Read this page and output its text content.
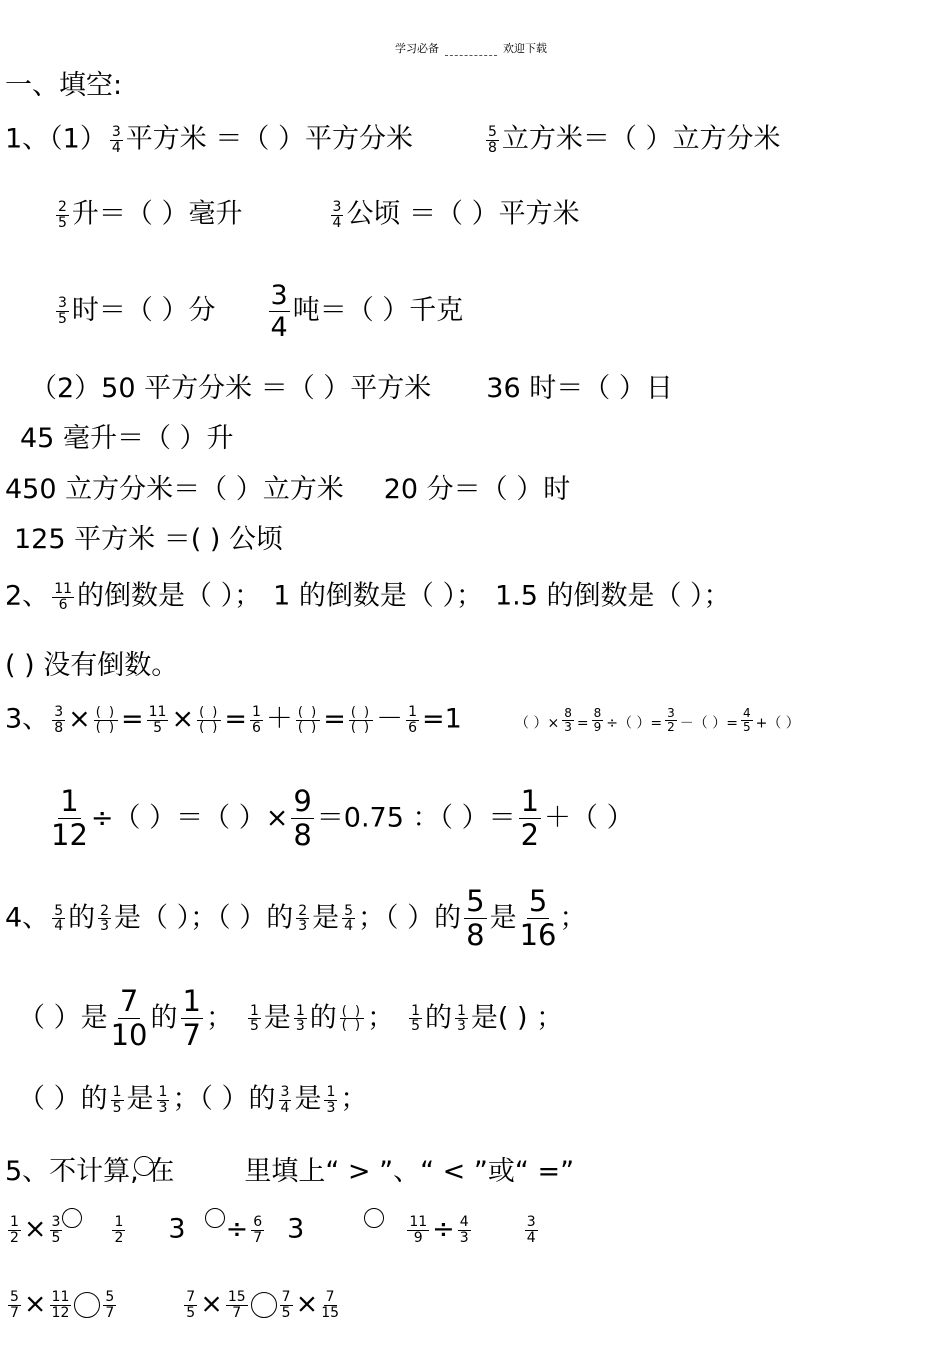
学习必备	欢迎下载
一、填空:
1、$(1) \frac{3}{4}$ 平方米 ＝（ ）平方分米	$\frac{5}{8}$ 立方米＝（ ）立方分米
$\frac{2}{5}$ 升＝（ ）毫升	$\frac{3}{4}$ 公顷 ＝（ ）平方米
$\frac{3}{5}$ 时＝（ ）分 $\frac{3}{4}$ 吨＝（ ）千克
（2）50 平方分米 ＝（ ）平方米 36 时＝（ ）日
45 毫升＝（ ）升
450 立方分米＝（ ）立方米 20 分＝（ ）时
125 平方米 ＝( ) 公顷
2、 $\frac{11}{6}$ 的倒数是（ ）； 1 的倒数是（ ）； 1.5 的倒数是（ ）；
( ) 没有倒数。
3、 $\frac{3}{8}$ × ( )
( ) = $\frac{11}{5}$ × ( )
( ) = $\frac{1}{6}$ ＋ ( )
( ) = ( )
( ) － $\frac{1}{6} =1$	（ ）× $\frac{8}{3} = \frac{8}{9}$ ÷（ ）= $\frac{3}{2}$ －（ ）= $\frac{4}{5}$ +（ ）
$\frac{1}{12}$ ÷（ ）＝（ ）× $\frac{9}{8} =0.75$ ：（ ）＝ $\frac{1}{2}$ ＋（ ）
4、 $\frac{5}{4}$ 的 $\frac{2}{3}$ 是（ ）；（ ）的 $\frac{2}{3}$ 是 $\frac{5}{4}$ ；（ ）的 $\frac{5}{8}$ 是 $\frac{5}{16}$ ；
（ ）是 $\frac{7}{10}$ 的 $\frac{1}{7}$ ； $\frac{1}{5}$ 是 $\frac{1}{3}$ 的 ( )
( ) ； $\frac{1}{5}$ 的 $\frac{1}{3}$ 是( ) ；
（ ）的 $\frac{1}{5}$ 是 $\frac{1}{3}$ ；（ ）的 $\frac{3}{4}$ 是 $\frac{1}{3}$ ；
5、不计算, 在	里填上“ > ”、“ < ”或“ =”
$\frac{1}{2} \times \frac{3}{5}$	$\frac{1}{2} 3 \div \frac{6}{7} 3$	$\frac{11}{9} \div \frac{4}{3}$	$\frac{3}{4}$
$\frac{5}{7} \times \frac{11}{12} \frac{5}{7}$	$\frac{7}{5} \times \frac{15}{7} \frac{7}{5} \times \frac{7}{15}$
